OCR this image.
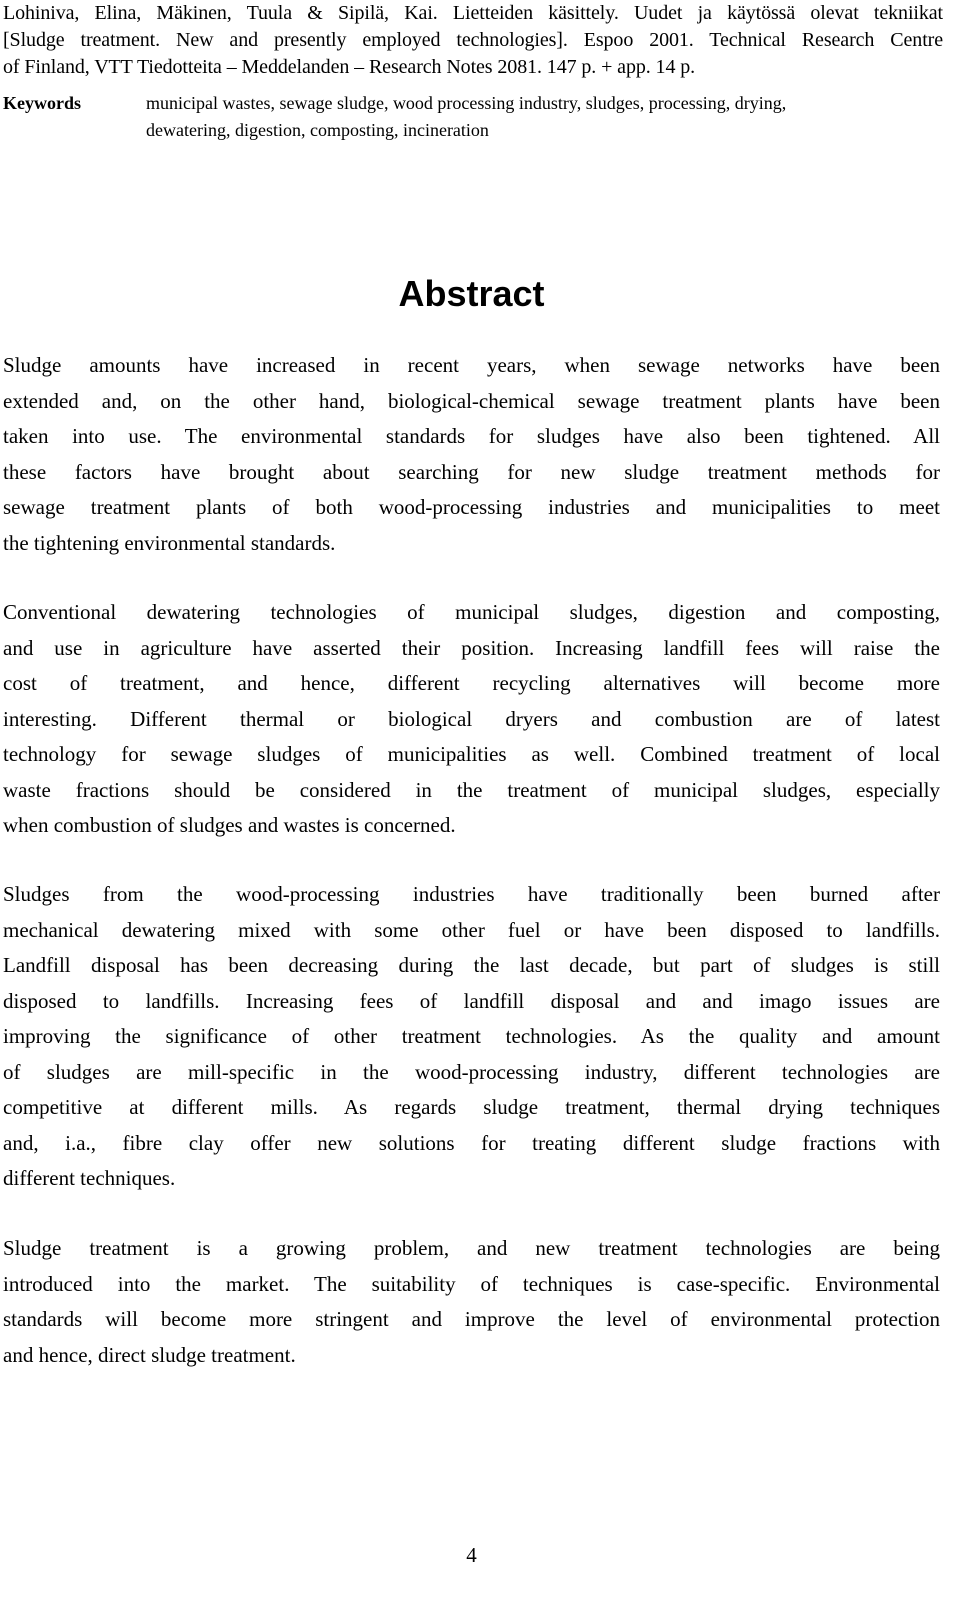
Lohiniva, Elina, Mäkinen, Tuula & Sipilä, Kai. Lietteiden käsittely. Uudet ja käytössä olevat tekniikat
[Sludge treatment. New and presently employed technologies]. Espoo 2001. Technical Research Centre
of Finland, VTT Tiedotteita – Meddelanden – Research Notes 2081. 147 p. + app. 14 p.
Keywords	municipal wastes, sewage sludge, wood processing industry, sludges, processing, drying,
dewatering, digestion, composting, incineration
Abstract
Sludge amounts have increased in recent years, when sewage networks have been
extended and, on the other hand, biological-chemical sewage treatment plants have been
taken into use. The environmental standards for sludges have also been tightened. All
these factors have brought about searching for new sludge treatment methods for
sewage treatment plants of both wood-processing industries and municipalities to meet
the tightening environmental standards.
Conventional dewatering technologies of municipal sludges, digestion and composting,
and use in agriculture have asserted their position. Increasing landfill fees will raise the
cost of treatment, and hence, different recycling alternatives will become more
interesting. Different thermal or biological dryers and combustion are of latest
technology for sewage sludges of municipalities as well. Combined treatment of local
waste fractions should be considered in the treatment of municipal sludges, especially
when combustion of sludges and wastes is concerned.
Sludges from the wood-processing industries have traditionally been burned after
mechanical dewatering mixed with some other fuel or have been disposed to landfills.
Landfill disposal has been decreasing during the last decade, but part of sludges is still
disposed to landfills. Increasing fees of landfill disposal and and imago issues are
improving the significance of other treatment technologies. As the quality and amount
of sludges are mill-specific in the wood-processing industry, different technologies are
competitive at different mills. As regards sludge treatment, thermal drying techniques
and, i.a., fibre clay offer new solutions for treating different sludge fractions with
different techniques.
Sludge treatment is a growing problem, and new treatment technologies are being
introduced into the market. The suitability of techniques is case-specific. Environmental
standards will become more stringent and improve the level of environmental protection
and hence, direct sludge treatment.
4
